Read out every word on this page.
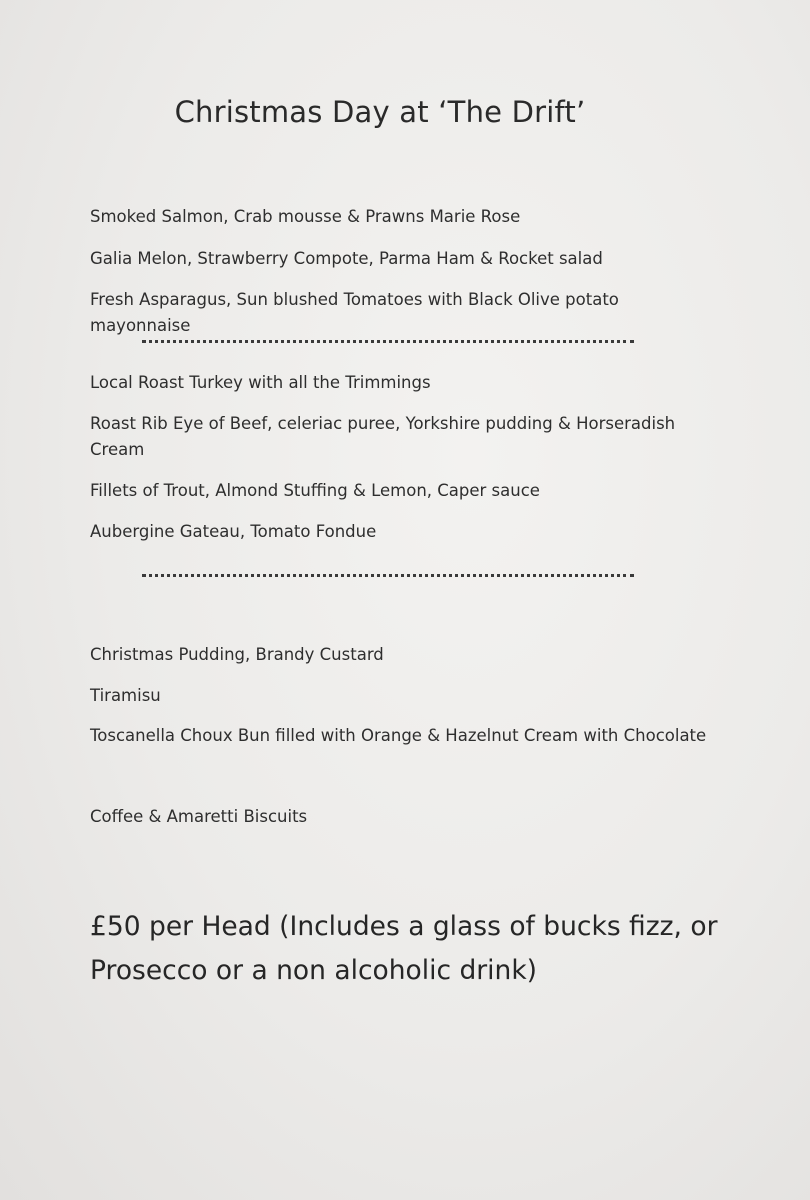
Christmas Day at ‘The Drift’
Smoked Salmon, Crab mousse & Prawns Marie Rose
Galia Melon, Strawberry Compote, Parma Ham & Rocket salad
Fresh Asparagus, Sun blushed Tomatoes with Black Olive potato mayonnaise
Local Roast Turkey with all the Trimmings
Roast Rib Eye of Beef, celeriac puree, Yorkshire pudding & Horseradish Cream
Fillets of Trout, Almond Stuffing & Lemon, Caper sauce
Aubergine Gateau, Tomato Fondue
Christmas Pudding, Brandy Custard
Tiramisu
Toscanella Choux Bun filled with Orange & Hazelnut Cream with Chocolate
Coffee & Amaretti Biscuits
£50 per Head (Includes a glass of bucks fizz, or Prosecco or a non alcoholic drink)
